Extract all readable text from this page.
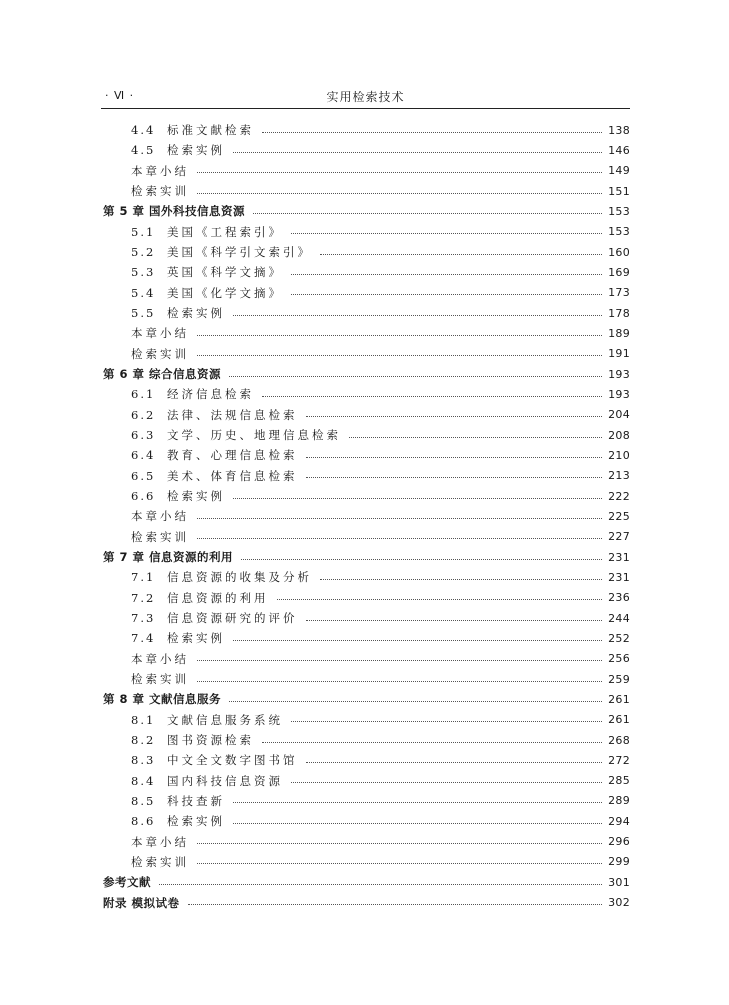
· Ⅵ ·	实用检索技术
4.4	标准文献检索	138
4.5	检索实例	146
本章小结	149
检索实训	151
第 5 章 国外科技信息资源	153
5.1	美国《工程索引》	153
5.2	美国《科学引文索引》	160
5.3	英国《科学文摘》	169
5.4	美国《化学文摘》	173
5.5	检索实例	178
本章小结	189
检索实训	191
第 6 章 综合信息资源	193
6.1	经济信息检索	193
6.2	法律、法规信息检索	204
6.3	文学、历史、地理信息检索	208
6.4	教育、心理信息检索	210
6.5	美术、体育信息检索	213
6.6	检索实例	222
本章小结	225
检索实训	227
第 7 章 信息资源的利用	231
7.1	信息资源的收集及分析	231
7.2	信息资源的利用	236
7.3	信息资源研究的评价	244
7.4	检索实例	252
本章小结	256
检索实训	259
第 8 章 文献信息服务	261
8.1	文献信息服务系统	261
8.2	图书资源检索	268
8.3	中文全文数字图书馆	272
8.4	国内科技信息资源	285
8.5	科技查新	289
8.6	检索实例	294
本章小结	296
检索实训	299
参考文献	301
附录 模拟试卷	302
